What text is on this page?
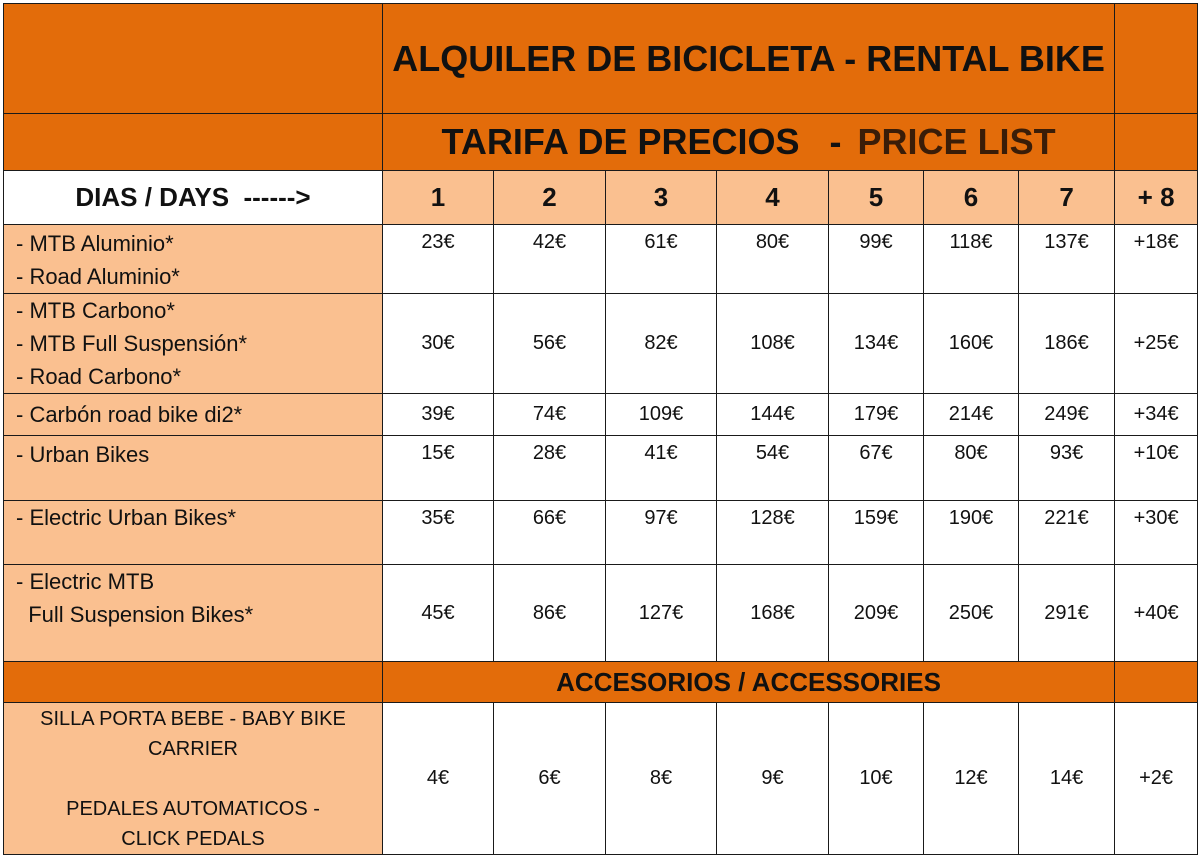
	ALQUILER DE BICICLETA - RENTAL BIKE							
	TARIFA DE PRECIOS   - PRICE LIST							
DIAS / DAYS  ------>	1	2	3	4	5	6	7	+ 8

- MTB Aluminio*
- Road Aluminio*	23€	42€	61€	80€	99€	118€	137€	+18€

- MTB Carbono*
- MTB Full Suspensión*
- Road Carbono*	30€	56€	82€	108€	134€	160€	186€	+25€

- Carbón road bike di2*	39€	74€	109€	144€	179€	214€	249€	+34€

- Urban Bikes	15€	28€	41€	54€	67€	80€	93€	+10€

- Electric Urban Bikes*	35€	66€	97€	128€	159€	190€	221€	+30€

- Electric MTB
Full Suspension Bikes*	45€	86€	127€	168€	209€	250€	291€	+40€
	ACCESORIOS / ACCESSORIES							

SILLA PORTA BEBE - BABY BIKE
CARRIER
PEDALES AUTOMATICOS -
CLICK PEDALS	4€	6€	8€	9€	10€	12€	14€	+2€
